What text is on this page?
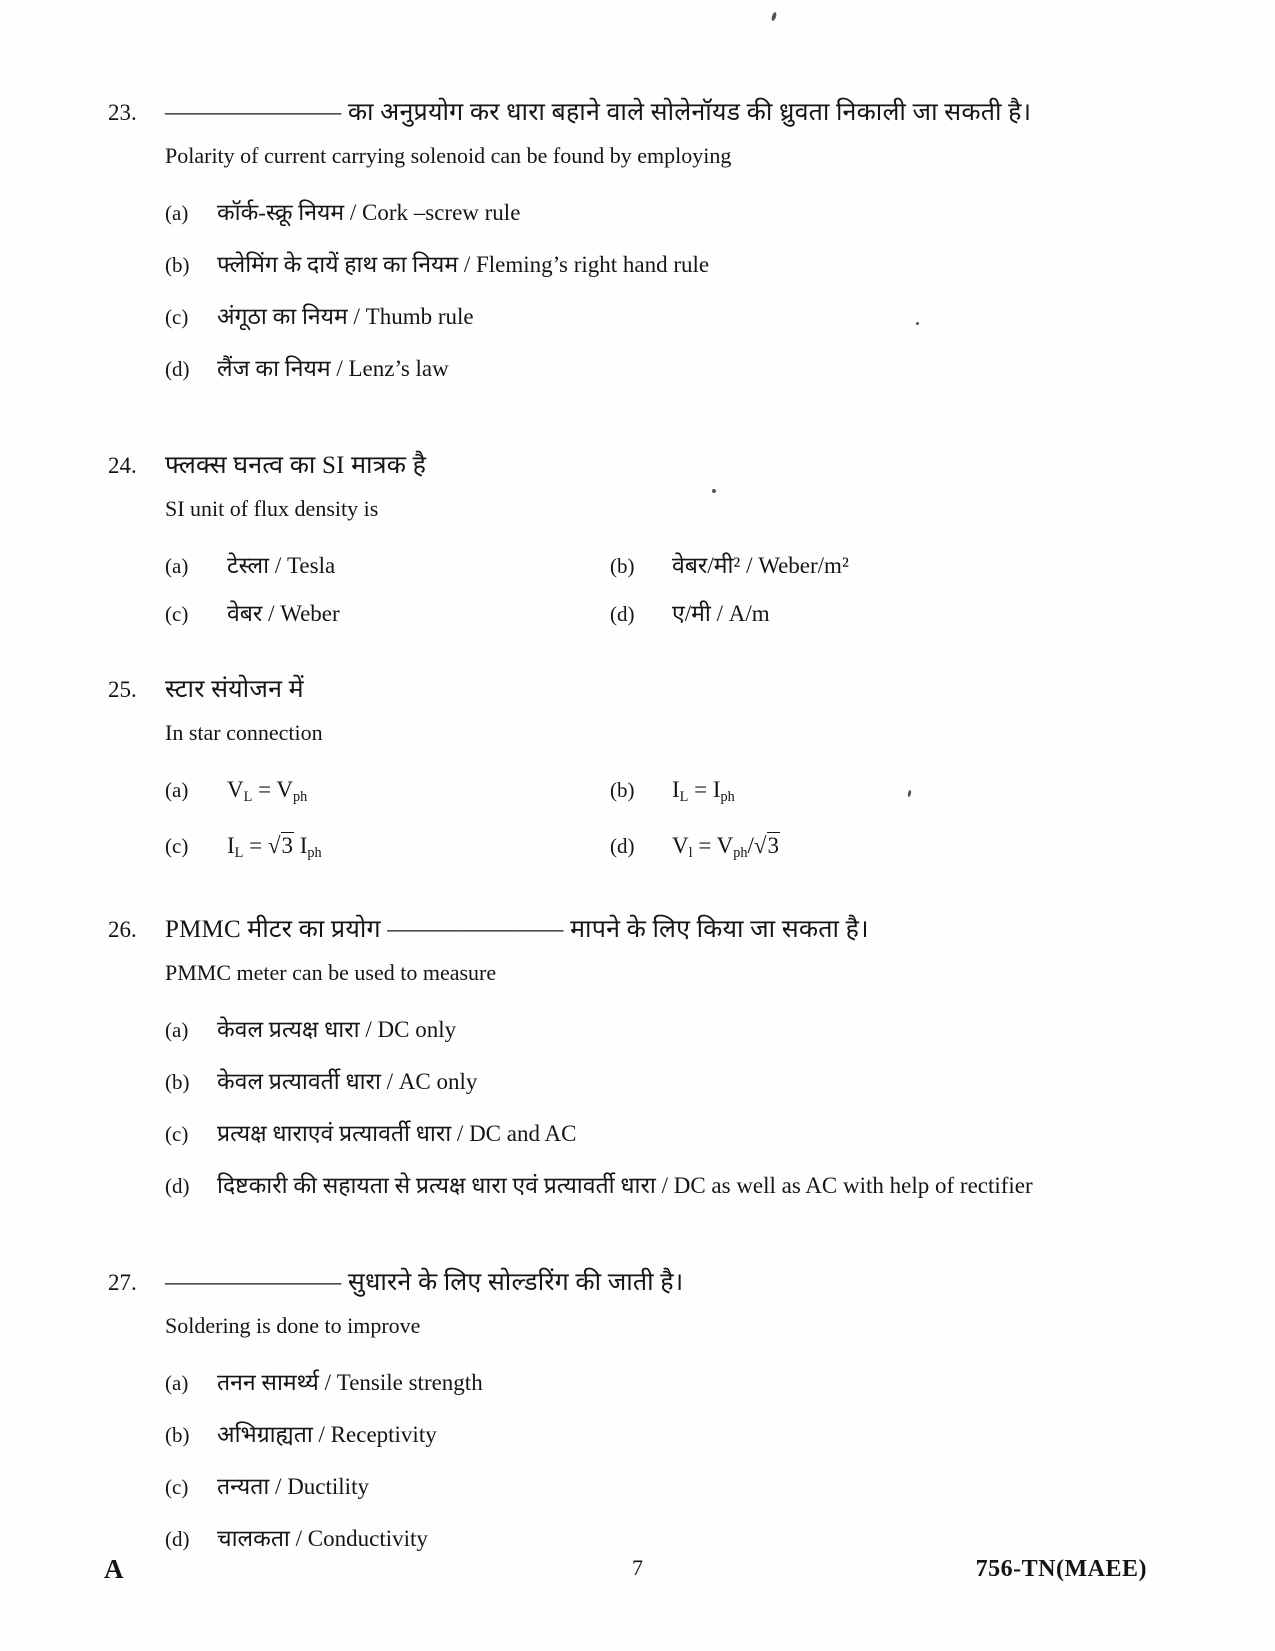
23.	——————— का अनुप्रयोग कर धारा बहाने वाले सोलेनॉयड की ध्रुवता निकाली जा सकती है।
Polarity of current carrying solenoid can be found by employing
(a)	कॉर्क-स्क्रू नियम / Cork –screw rule
(b)	फ्लेमिंग के दायें हाथ का नियम / Fleming’s right hand rule
(c)	अंगूठा का नियम / Thumb rule
(d)	लैंज का नियम / Lenz’s law
24.	फ्लक्स घनत्व का SI मात्रक है
SI unit of flux density is
(a)	टेस्ला / Tesla	(b)	वेबर/मी² / Weber/m²
(c)	वेबर / Weber	(d)	ए/मी / A/m
25.	स्टार संयोजन में
In star connection
(a)	$V_L = V_{ph}$	(b)	$I_L = I_{ph}$
(c)	$I_L = √3$ $I_{ph}$	(d)	$V_l = V_{ph}/√3$
26.	PMMC मीटर का प्रयोग ——————— मापने के लिए किया जा सकता है।
PMMC meter can be used to measure
(a)	केवल प्रत्यक्ष धारा / DC only
(b)	केवल प्रत्यावर्ती धारा / AC only
(c)	प्रत्यक्ष धाराएवं प्रत्यावर्ती धारा / DC and AC
(d)	दिष्टकारी की सहायता से प्रत्यक्ष धारा एवं प्रत्यावर्ती धारा / DC as well as AC with help of rectifier
27.	——————— सुधारने के लिए सोल्डरिंग की जाती है।
Soldering is done to improve
(a)	तनन सामर्थ्य / Tensile strength
(b)	अभिग्राह्यता / Receptivity
(c)	तन्यता / Ductility
(d)	चालकता / Conductivity
A	7	756-TN(MAEE)
